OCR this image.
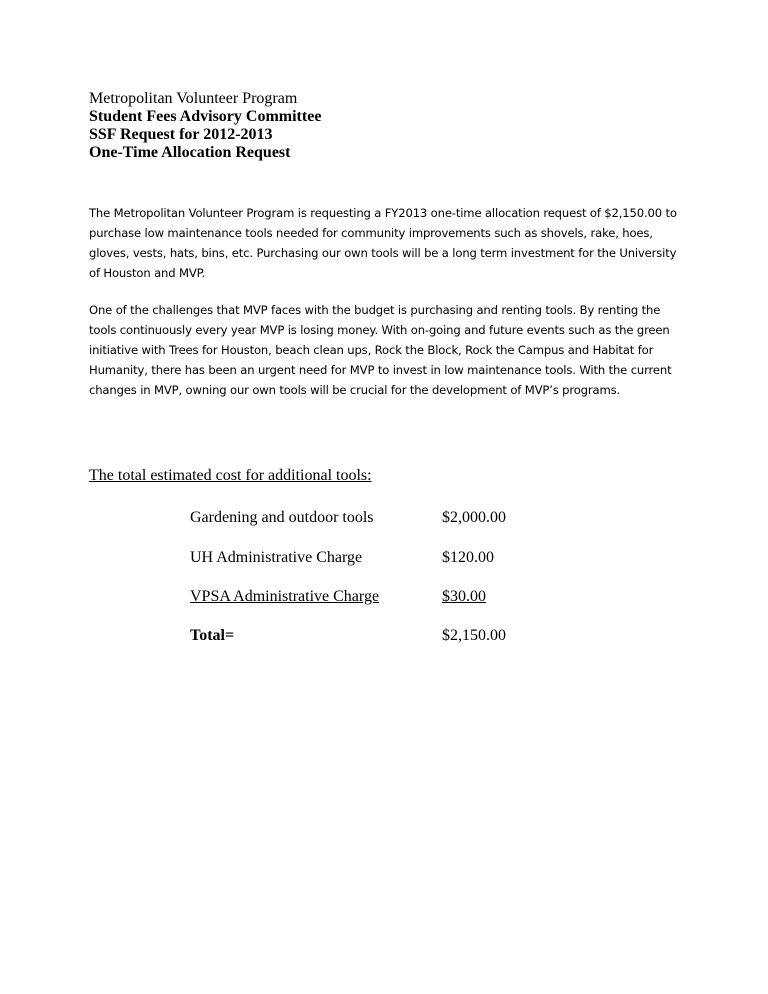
Metropolitan Volunteer Program
Student Fees Advisory Committee
SSF Request for 2012-2013
One-Time Allocation Request
The Metropolitan Volunteer Program is requesting a FY2013 one-time allocation request of $2,150.00 to
purchase low maintenance tools needed for community improvements such as shovels, rake, hoes,
gloves, vests, hats, bins, etc. Purchasing our own tools will be a long term investment for the University
of Houston and MVP.
One of the challenges that MVP faces with the budget is purchasing and renting tools. By renting the
tools continuously every year MVP is losing money. With on-going and future events such as the green
initiative with Trees for Houston, beach clean ups, Rock the Block, Rock the Campus and Habitat for
Humanity, there has been an urgent need for MVP to invest in low maintenance tools. With the current
changes in MVP, owning our own tools will be crucial for the development of MVP’s programs.
The total estimated cost for additional tools:
Gardening and outdoor tools	$2,000.00
UH Administrative Charge	$120.00
VPSA Administrative Charge	$30.00
Total=	$2,150.00
